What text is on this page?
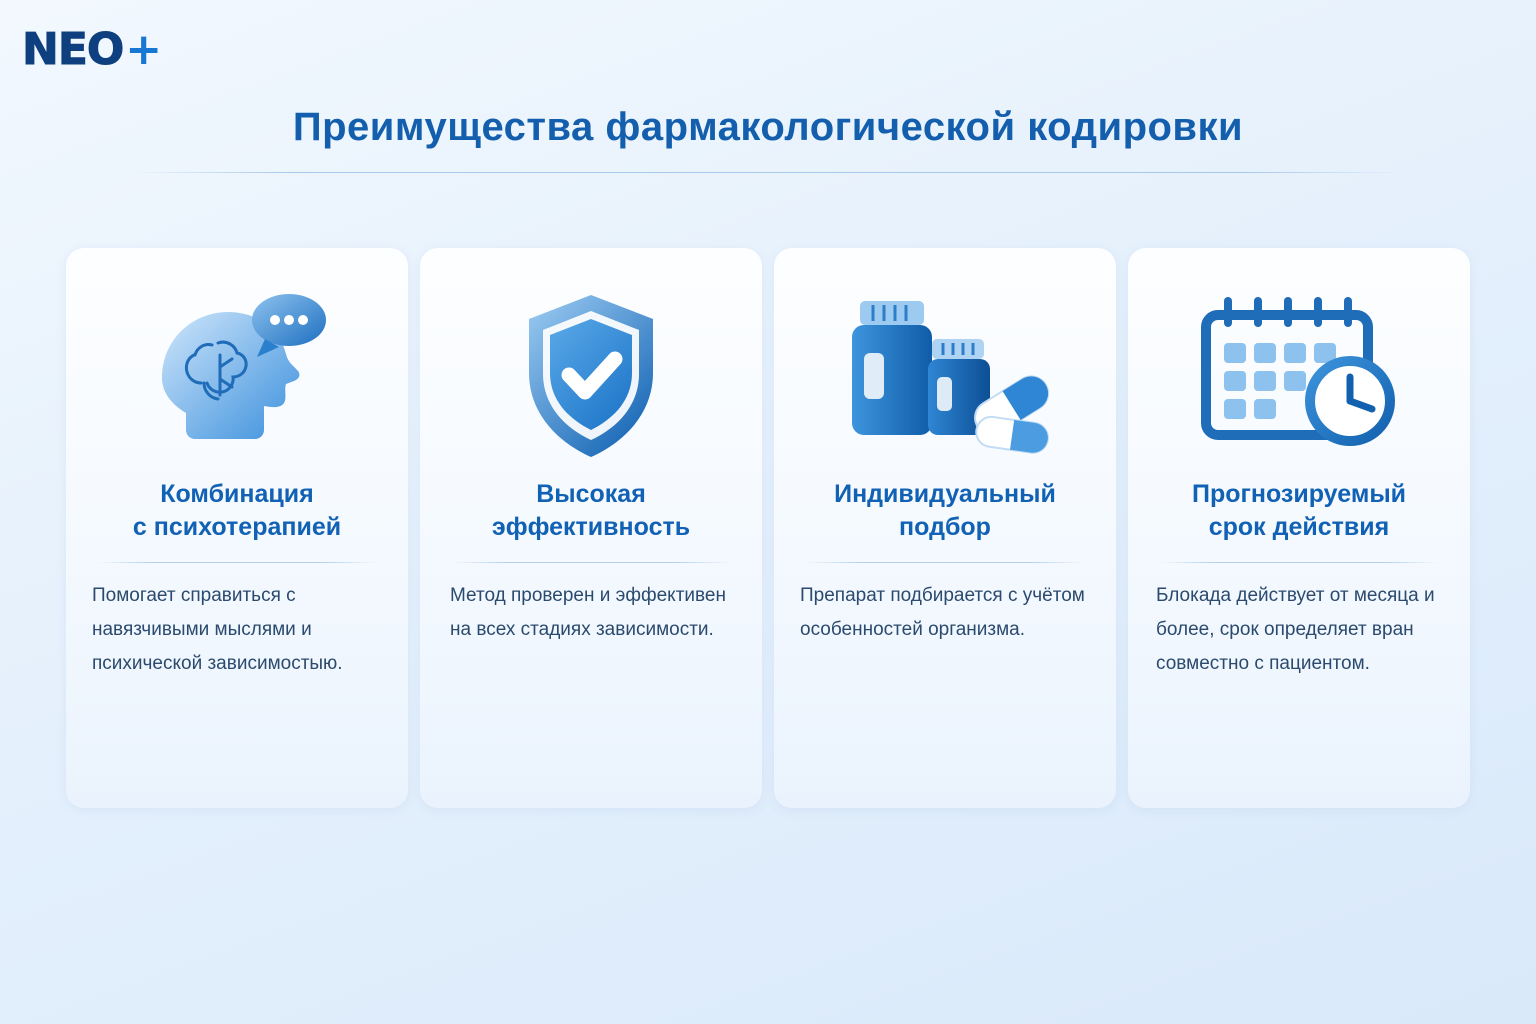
NEO +
Преимущества фармакологической кодировки
Комбинация
с психотерапией
Помогает справиться с навязчивыми мыслями и психической зависимостыю.
Высокая
эффективность
Метод проверен и эффективен на всех стадиях зависимости.
Индивидуальный
подбор
Препарат подбирается с учётом особенностей организма.
Прогнозируемый
срок действия
Блокада действует от месяца и более, срок определяет вран совместно с пациентом.
